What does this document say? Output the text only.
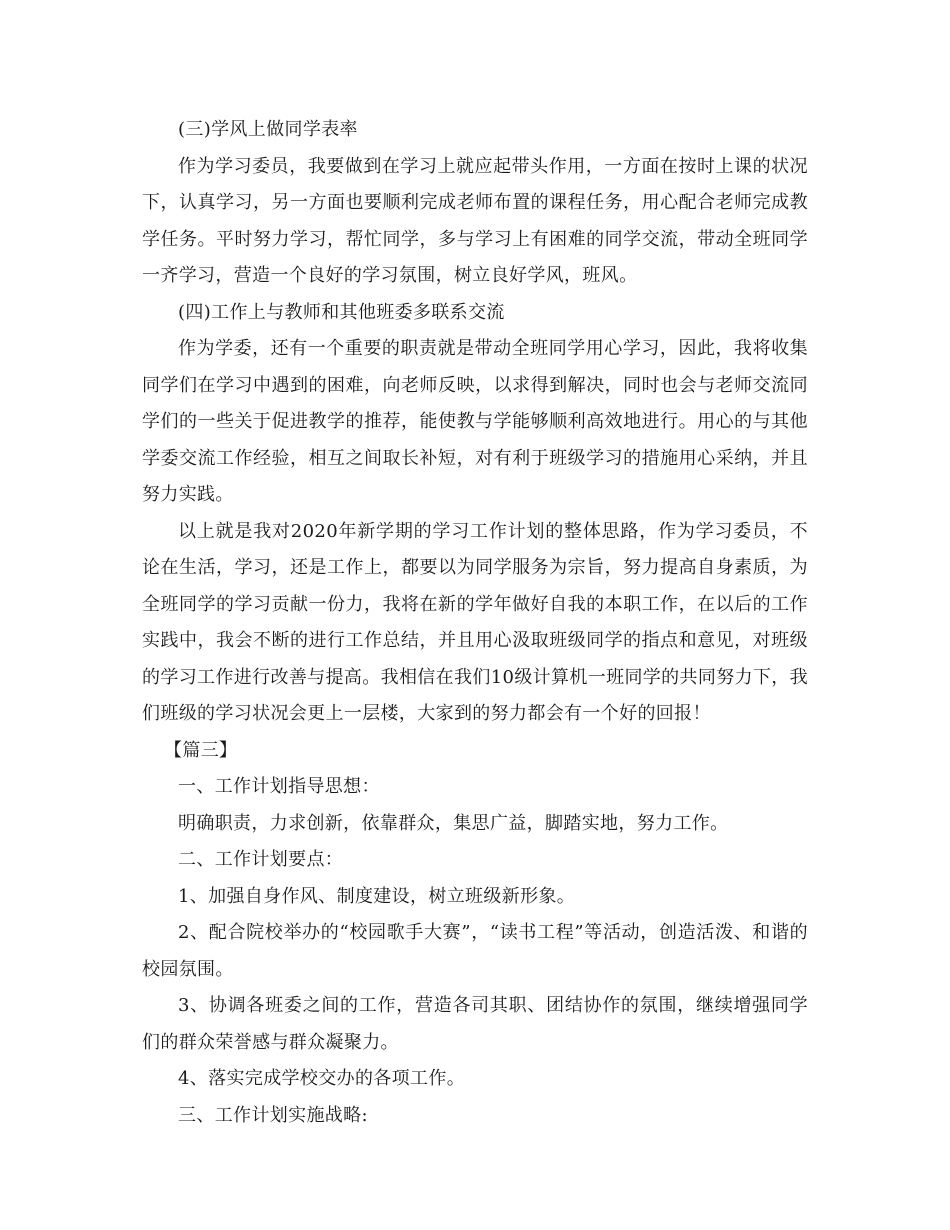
(三)学风上做同学表率

作为学习委员，我要做到在学习上就应起带头作用，一方面在按时上课的状况下，认真学习，另一方面也要顺利完成老师布置的课程任务，用心配合老师完成教学任务。平时努力学习，帮忙同学，多与学习上有困难的同学交流，带动全班同学一齐学习，营造一个良好的学习氛围，树立良好学风，班风。

(四)工作上与教师和其他班委多联系交流

作为学委，还有一个重要的职责就是带动全班同学用心学习，因此，我将收集同学们在学习中遇到的困难，向老师反映，以求得到解决，同时也会与老师交流同学们的一些关于促进教学的推荐，能使教与学能够顺利高效地进行。用心的与其他学委交流工作经验，相互之间取长补短，对有利于班级学习的措施用心采纳，并且努力实践。

以上就是我对2020年新学期的学习工作计划的整体思路，作为学习委员，不论在生活，学习，还是工作上，都要以为同学服务为宗旨，努力提高自身素质，为全班同学的学习贡献一份力，我将在新的学年做好自我的本职工作，在以后的工作实践中，我会不断的进行工作总结，并且用心汲取班级同学的指点和意见，对班级的学习工作进行改善与提高。我相信在我们10级计算机一班同学的共同努力下，我们班级的学习状况会更上一层楼，大家到的努力都会有一个好的回报！

【篇三】

一、工作计划指导思想：

明确职责，力求创新，依靠群众，集思广益，脚踏实地，努力工作。

二、工作计划要点：

1、加强自身作风、制度建设，树立班级新形象。

2、配合院校举办的“校园歌手大赛”，“读书工程”等活动，创造活泼、和谐的校园氛围。

3、协调各班委之间的工作，营造各司其职、团结协作的氛围，继续增强同学们的群众荣誉感与群众凝聚力。

4、落实完成学校交办的各项工作。

三、工作计划实施战略:
